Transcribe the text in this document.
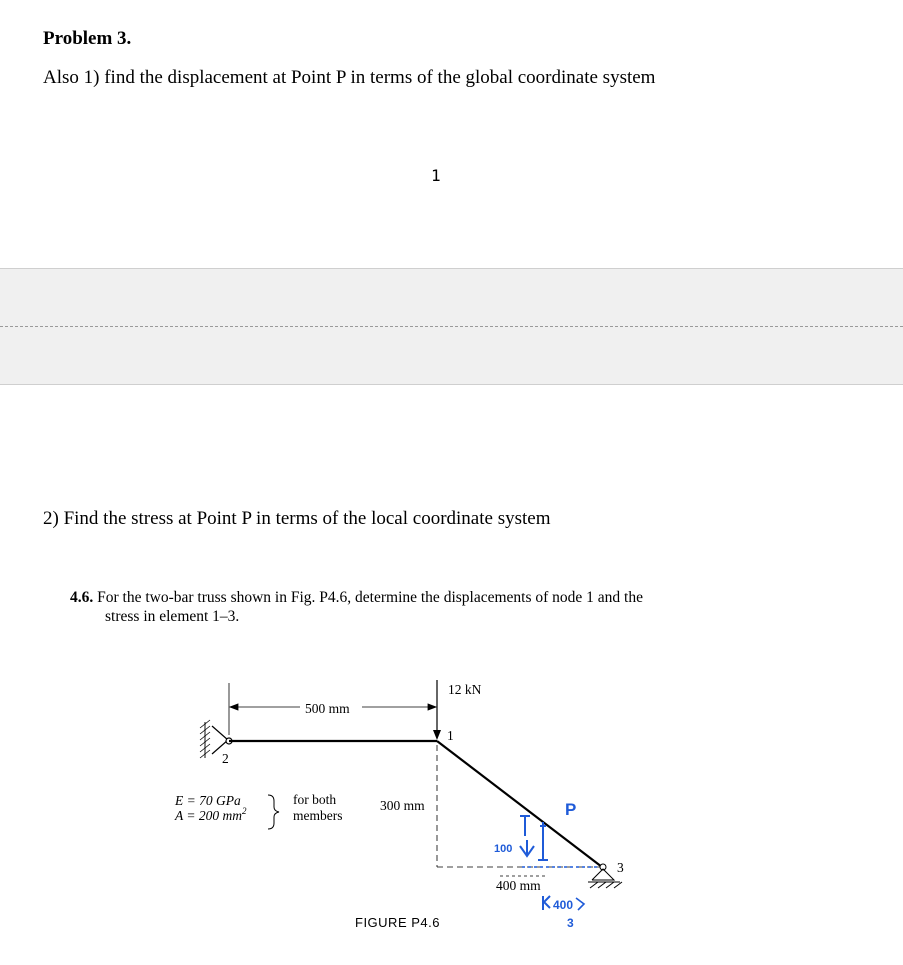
Problem 3.
Also 1) find the displacement at Point P in terms of the global coordinate system
1
2) Find the stress at Point P in terms of the local coordinate system
4.6. For the two-bar truss shown in Fig. P4.6, determine the displacements of node 1 and the
stress in element 1–3.
500 mm
12 kN
1
2
3
E = 70 GPa
A = 200 $mm^2$
for both
members
300 mm
400 mm
FIGURE P4.6
P
100
400
3
